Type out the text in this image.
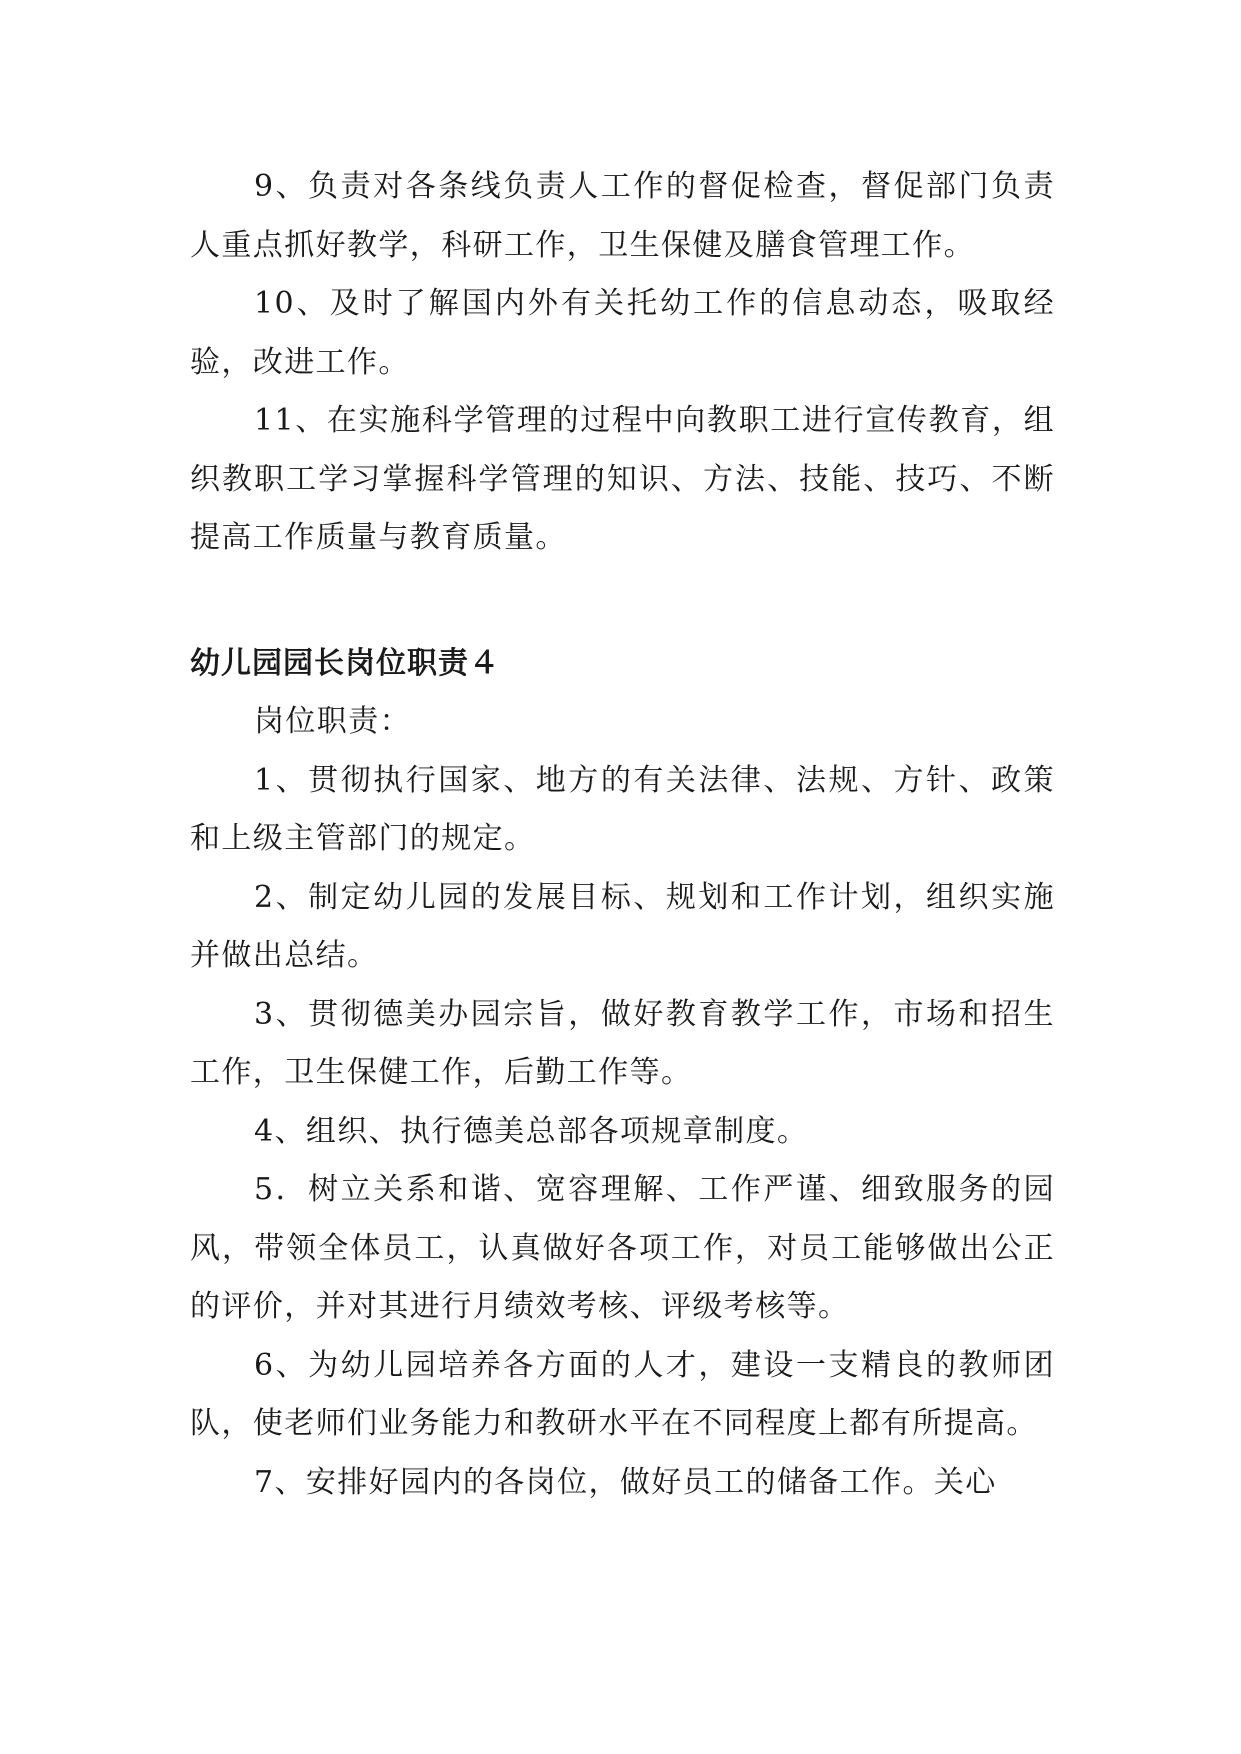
9、负责对各条线负责人工作的督促检查，督促部门负责人重点抓好教学，科研工作，卫生保健及膳食管理工作。

10、及时了解国内外有关托幼工作的信息动态，吸取经验，改进工作。

11、在实施科学管理的过程中向教职工进行宣传教育，组织教职工学习掌握科学管理的知识、方法、技能、技巧、不断提高工作质量与教育质量。

幼儿园园长岗位职责４

岗位职责：

1、贯彻执行国家、地方的有关法律、法规、方针、政策和上级主管部门的规定。

2、制定幼儿园的发展目标、规划和工作计划，组织实施并做出总结。

3、贯彻德美办园宗旨，做好教育教学工作，市场和招生工作，卫生保健工作，后勤工作等。

4、组织、执行德美总部各项规章制度。

5．树立关系和谐、宽容理解、工作严谨、细致服务的园风，带领全体员工，认真做好各项工作，对员工能够做出公正的评价，并对其进行月绩效考核、评级考核等。

6、为幼儿园培养各方面的人才，建设一支精良的教师团队，使老师们业务能力和教研水平在不同程度上都有所提高。

7、安排好园内的各岗位，做好员工的储备工作。关心
